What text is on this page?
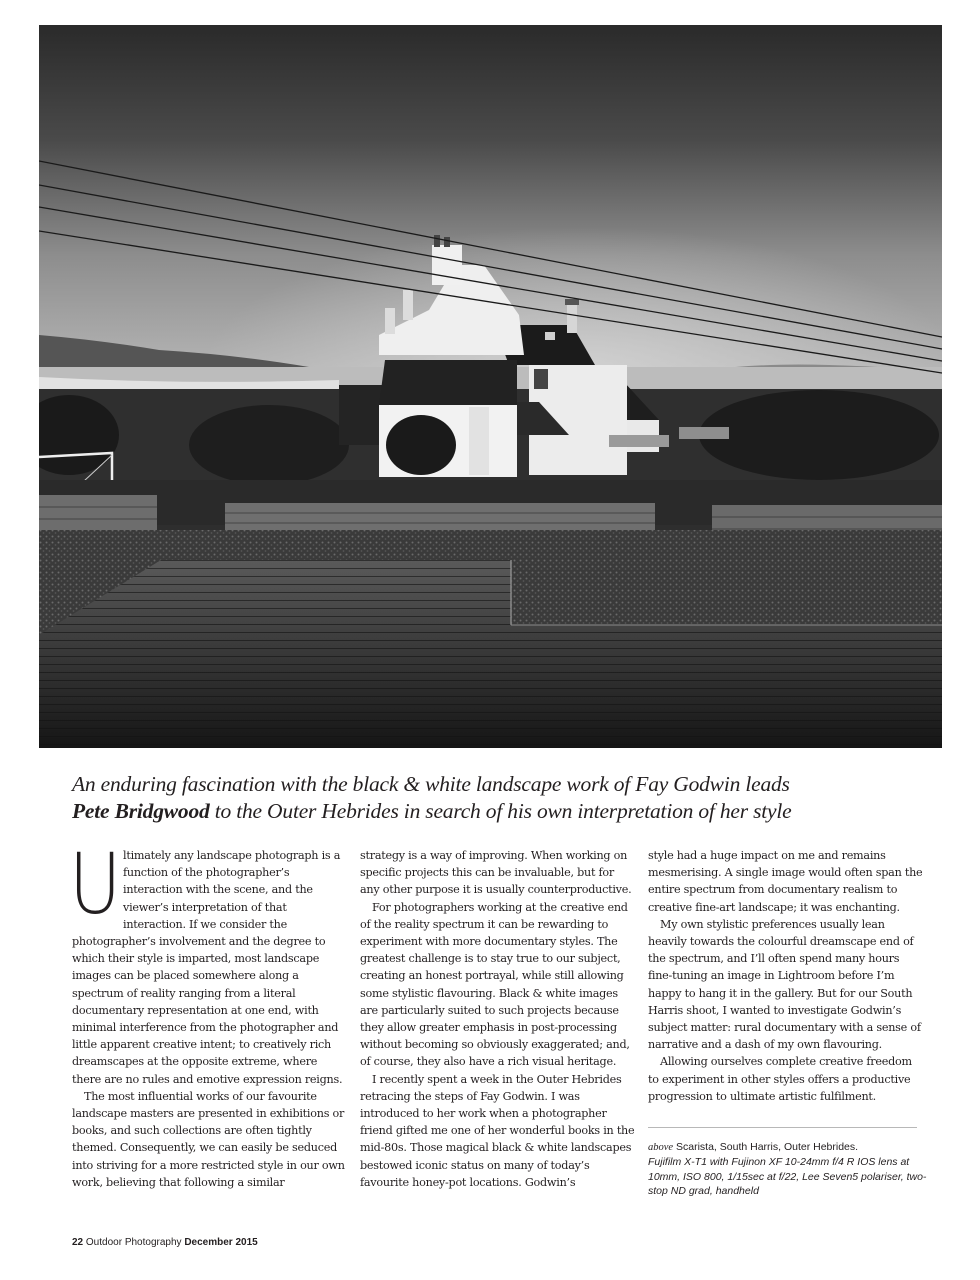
An enduring fascination with the black & white landscape work of Fay Godwin leads
Pete Bridgwood to the Outer Hebrides in search of his own interpretation of her style
U ltimately any landscape photograph is a function of the photographer’s interaction with the scene, and the viewer’s interpretation of that interaction. If we consider the photographer’s involvement and the degree to which their style is imparted, most landscape images can be placed somewhere along a spectrum of reality ranging from a literal documentary representation at one end, with minimal interference from the photographer and little apparent creative intent; to creatively rich dreamscapes at the opposite extreme, where there are no rules and emotive expression reigns.

The most influential works of our favourite landscape masters are presented in exhibitions or books, and such collections are often tightly themed. Consequently, we can easily be seduced into striving for a more restricted style in our own work, believing that following a similar

strategy is a way of improving. When working on specific projects this can be invaluable, but for any other purpose it is usually counterproductive.

For photographers working at the creative end of the reality spectrum it can be rewarding to experiment with more documentary styles. The greatest challenge is to stay true to our subject, creating an honest portrayal, while still allowing some stylistic flavouring. Black & white images are particularly suited to such projects because they allow greater emphasis in post-processing without becoming so obviously exaggerated; and, of course, they also have a rich visual heritage.

I recently spent a week in the Outer Hebrides retracing the steps of Fay Godwin. I was introduced to her work when a photographer friend gifted me one of her wonderful books in the mid-80s. Those magical black & white landscapes bestowed iconic status on many of today’s favourite honey-pot locations. Godwin’s

style had a huge impact on me and remains mesmerising. A single image would often span the entire spectrum from documentary realism to creative fine-art landscape; it was enchanting.

My own stylistic preferences usually lean heavily towards the colourful dreamscape end of the spectrum, and I’ll often spend many hours fine-tuning an image in Lightroom before I’m happy to hang it in the gallery. But for our South Harris shoot, I wanted to investigate Godwin’s subject matter: rural documentary with a sense of narrative and a dash of my own flavouring.

Allowing ourselves complete creative freedom to experiment in other styles offers a productive progression to ultimate artistic fulfilment.

above Scarista, South Harris, Outer Hebrides.
Fujifilm X-T1 with Fujinon XF 10-24mm f/4 R IOS lens at 10mm, ISO 800, 1/15sec at f/22, Lee Seven5 polariser, two-stop ND grad, handheld
22 Outdoor Photography December 2015
